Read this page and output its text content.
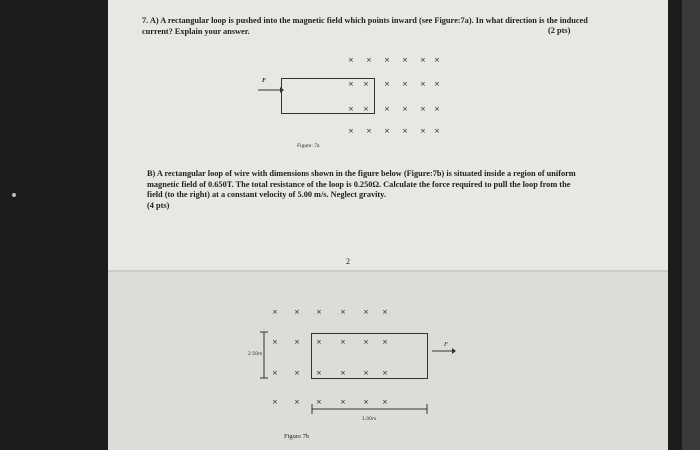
7. A) A rectangular loop is pushed into the magnetic field which points inward (see Figure:7a). In what direction is the induced current? Explain your answer.	(2 pts)
× × × × × ×
× × × × × ×
× × × × × ×
× × × × × ×
F
Figure: 7a
B) A rectangular loop of wire with dimensions shown in the figure below (Figure:7b) is situated inside a region of uniform magnetic field of 0.650T. The total resistance of the loop is 0.250Ω. Calculate the force required to pull the loop from the field (to the right) at a constant velocity of 5.00 m/s. Neglect gravity.
(4 pts)
2
× × ×	× × ×
× × ×	× × ×
× × ×	× × ×
× × ×	× × ×
2.50m
1.00m
F
Figure 7b
